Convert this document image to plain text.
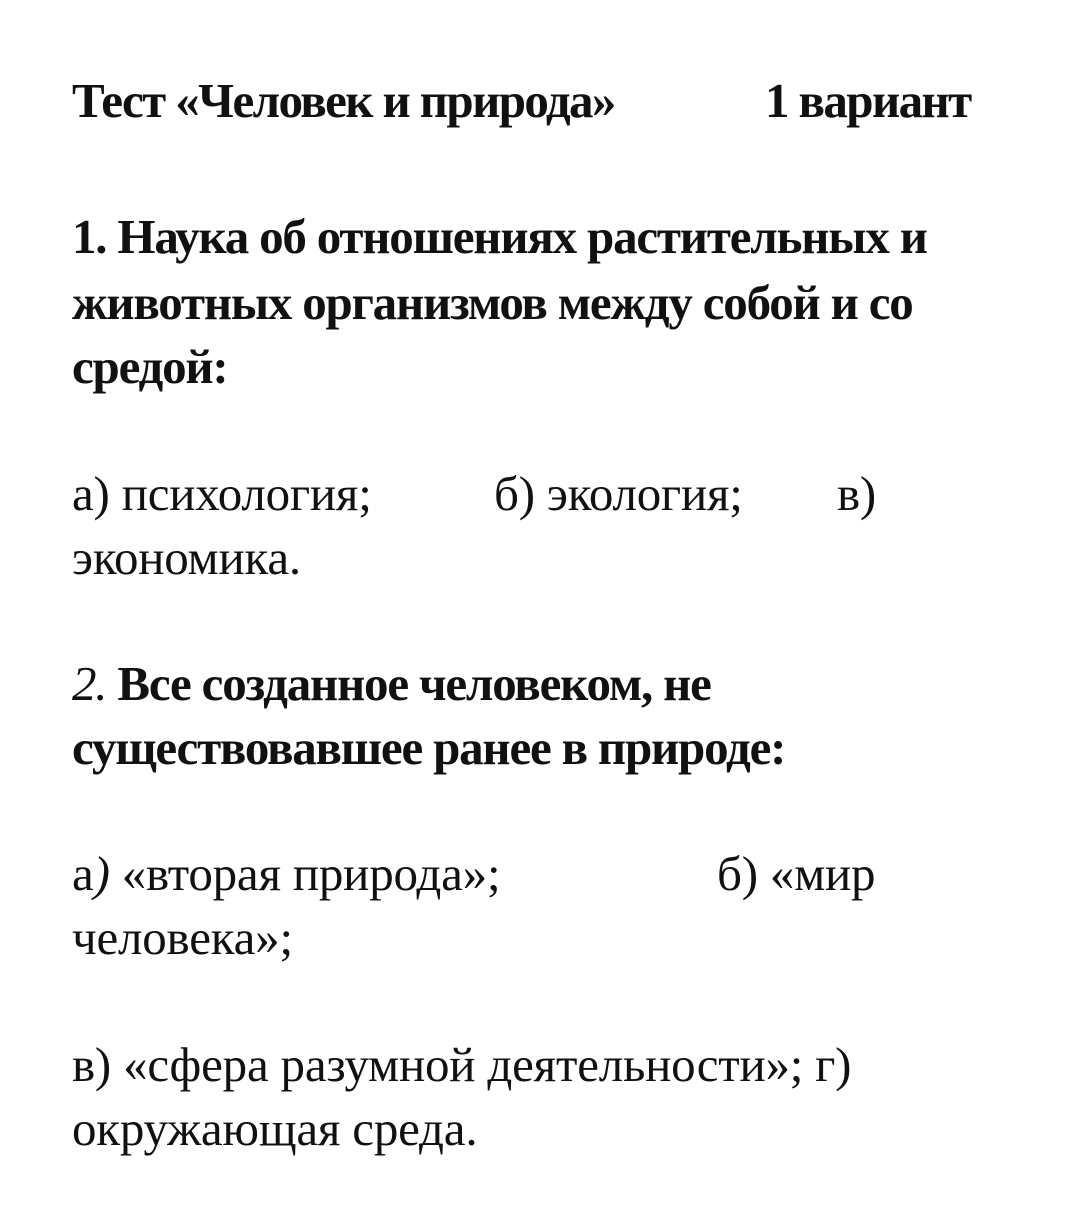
Тест «Человек и природа»	1 вариант
1. Наука об отношениях растительных и
животных организмов между собой и со
средой:
а) психология; б) экология; в)
экономика.
2. Все созданное человеком, не
существовавшее ранее в природе:
а) «вторая природа»;	б) «мир
человека»;
в) «сфера разумной деятельности»; г)
окружающая среда.
